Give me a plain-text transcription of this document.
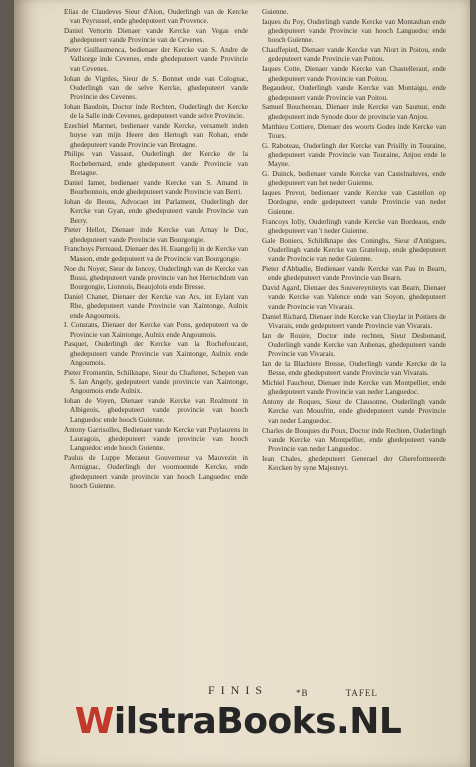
Elias de Claudeves Sieur d'Aion, Ouderlingh van de Kercke van Peyrussel, ende ghedeputeert van Provence.

Daniel Vettorin Dienaer vande Kercke van Vegas ende ghedeputeert vande Provincie van de Cevenes.

Pieter Guillaumenca, bedienaer der Kercke van S. Andre de Vallsorge inde Cevenes, ende ghedeputeert vande Provincie van Cevenes.

Iohan de Vignles, Sieur de S. Bonnet ende van Colognac, Ouderlingh van de selve Kercke, ghedeputeert vande Provincie des Cevenes.

Iohan Baudoin, Doctor inde Rechten, Ouderlingh der Kercke de la Salle inde Cevenes, gedeputeert vande selve Provincie.

Ezechiel Marmet, bedienaer vande Kercke, versamelt inden huyse van mijn Heere den Hertogh van Rohan, ende ghedeputeert vande Provincie van Bretagne.

Philips van Vassaut, Ouderlingh der Kercke de la Rochebernard, ende ghedeputeert vande Provincie van Bretagne.

Daniel Iamet, bedienaer vande Kercke van S. Amand in Bourbonnois, ende ghedeputeert vande Provincie van Berri.

Iohan de Beons, Advocaet int Parlament, Ouderlingh der Kercke van Gyan, ende ghedeputeert vande Provincie van Berry.

Pieter Hellot, Dienaer inde Kercke van Arnay le Duc, ghedeputeert vande Provincie van Bourgongie.

Franchoys Perreaud, Dienaer des H. Euangelij in de Kercke van Masson, ende gedeputeert va de Provincie van Bourgongie.

Noe du Noyer, Sieur de Ioncey, Ouderlingh van de Kercke van Bussi, ghedeputeert vande provincie van het Hertochdom van Bourgongie, Lionnois, Beaujolois ende Bresse.

Daniel Chanet, Dienaer der Kercke van Ars, int Eylant van Rhe, ghedeputeert vande Provincie van Xaintonge, Aulnix ende Angoumois.

I. Constans, Dienaer der Kercke van Pons, gedeputeert va de Provincie van Xaintonge, Aulnix ende Angoumois.

Pasquet, Ouderlingh der Kercke van la Rochefoucaut, ghedeputeert vande Provincie van Xaintonge, Aulnix ende Angoumois.

Pieter Fromentin, Schilknape, Sieur du Chaftenet, Schepen van S. Ian Angely, gedeputeert vande provincie van Xaintonge, Angoumois ende Aulnix.

Iohan de Voyen, Dienaer vande Kercke van Realmont in Albigeois, ghedeputeert vande provincie van hooch Languedoc ende hooch Guienne.

Antony Garrisolles, Bedienaer vande Kercke van Puylaurens in Lauragois, ghedeputeert vande provincie van hooch Languedoc ende hooch Guienne.

Paulus de Luppe Meraeut Gouverneur va Mauvezin in Armignac, Ouderlingh der voornoemde Kercke, ende ghedeputeert vande provincie van hooch Languedoc ende hooch Guienne.

Guienne.

Iaques du Poy, Ouderlingh vande Kercke van Montauban ende ghedeputeert vande Provincie van hooch Languedoc ende hooch Guienne.

Chauffepied, Dienaer vande Kercke van Niort in Poitou, ende gedeputeert vande Provincie van Poitou.

Iaques Cotte, Dienaer vande Kercke van Chastelleraut, ende ghedeputeert vande Provincie van Poitou.

Begaudeur, Ouderlingh vande Kercke van Montaigu, ende ghedeputeert vande Provincie van Poitou.

Samuel Bouchereau, Dienaer inde Kercke van Saumur, ende ghedeputeert inde Synode door de provincie van Anjou.

Matthieu Cottiere, Dienaer des woorts Godes inde Kercke van Tours.

G. Raboteau, Ouderlingh der Kercke van Prisilly in Touraine, ghedeputeert vande Provincie van Touraine, Anjou ende le Mayne.

G. Duinck, bedienaer vande Kercke van Castelnaluves, ende ghedeputeert van het neder Guienne.

Iaques Prevot, bedienaer vande Kercke van Castellon op Dordogne, ende gedeputeert vande Provincie van neder Guienne.

Francoys Iolly, Ouderlingh vande Kercke van Bordeaus, ende ghedeputeert van 't neder Guienne.

Gale Boniers, Schildknape des Coninghs, Sieur d'Antigues, Ouderlingh vande Kercke van Grateloup, ende ghedeputeert vande Provincie van neder Guienne.

Pieter d'Abbadie, Bedienaer vande Kercke van Pau in Bearn, ende ghedeputeert vande Provincie van Bearn.

David Agard, Dienaer des Souvereyniteyts van Bearn, Dienaer vande Kercke van Valence ende van Soyon, ghedeputeert vande Provincie van Vivarais.

Daniel Richard, Dienaer inde Kercke van Cheylar in Poitiers de Vivarais, ende gedeputeert vande Provincie van Vivarais.

Ian de Rouire, Doctor inde rechten, Sieur Desbonaud, Ouderlingh vande Kercke van Aubenas, ghedeputeert vande Provincie van Vivarais.

Ian de la Blachiere Bresse, Ouderlingh vande Kercke de la Besse, ende ghedeputeert vande Provincie van Vivarais.

Michiel Faucheur, Dienaer inde Kercke van Montpellier, ende ghedeputeert vande Provincie van neder Languedoc.

Antony de Roques, Sieur de Clausonne, Ouderlingh vande Kercke van Mousfrin, ende ghedeputeert vande Provincie van neder Languedoc.

Charles de Bouques du Poux, Doctor inde Rechten, Ouderlingh vande Kercke van Montpellier, ende ghedeputeert vande Provincie van neder Languedoc.

Iean Chales, ghedeputeert Generael der Ghereformeerde Kercken by syne Majesteyt.

FINIS	*B	TAFEL
WilstraBooks.NL
